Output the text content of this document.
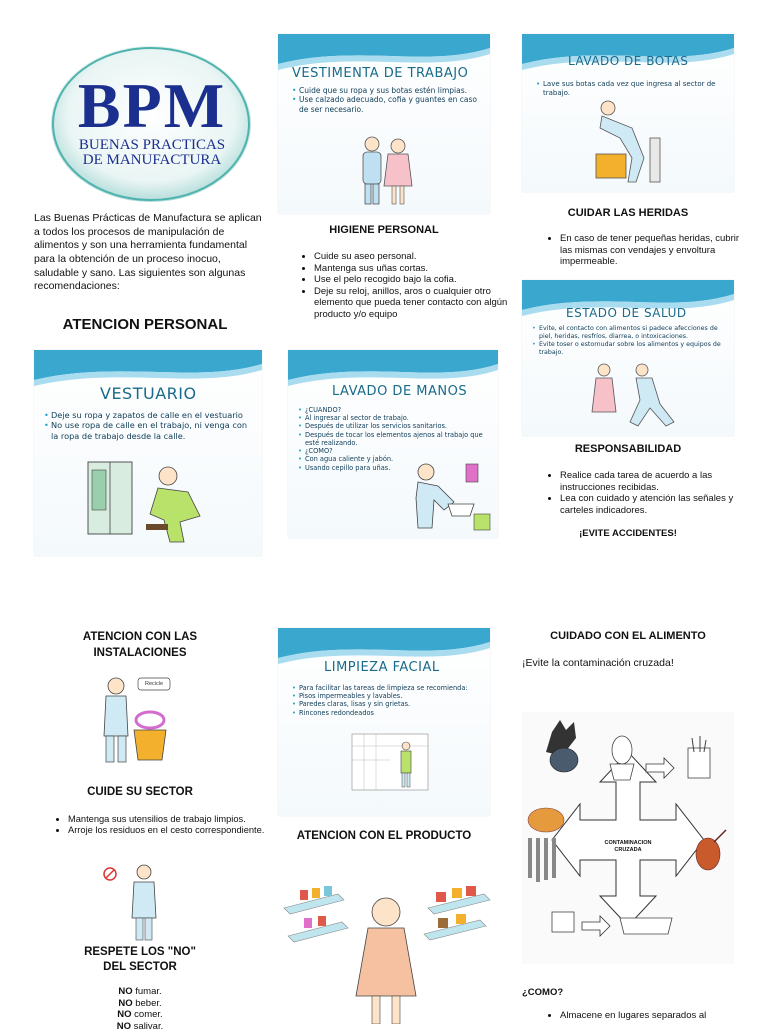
BPM
BUENAS PRACTICAS
DE MANUFACTURA
Las Buenas Prácticas de Manufactura se aplican a todos los procesos de manipulación de alimentos y son una herramienta fundamental para la obtención de un proceso inocuo, saludable y sano. Las siguientes son algunas recomendaciones:
ATENCION PERSONAL
VESTIMENTA DE TRABAJO
• Cuide que su ropa y sus botas estén limpias.
• Use calzado adecuado, cofia y guantes en caso de ser necesario.
HIGIENE PERSONAL
• Cuide su aseo personal.
• Mantenga sus uñas cortas.
• Use el pelo recogido bajo la cofia.
• Deje su reloj, anillos, aros o cualquier otro elemento que pueda tener contacto con algún producto y/o equipo
LAVADO DE BOTAS
• Lave sus botas cada vez que ingresa al sector de trabajo.
CUIDAR LAS HERIDAS
• En caso de tener pequeñas heridas, cubrir las mismas con vendajes y envoltura impermeable.
ESTADO DE SALUD
• Evite, el contacto con alimentos si padece afecciones de piel, heridas, resfríos, diarrea, o intoxicaciones.
• Evite toser o estornudar sobre los alimentos y equipos de trabajo.
RESPONSABILIDAD
• Realice cada tarea de acuerdo a las instrucciones recibidas.
• Lea con cuidado y atención las señales y carteles indicadores.
¡EVITE ACCIDENTES!
VESTUARIO
• Deje su ropa y zapatos de calle en el vestuario
• No use ropa de calle en el trabajo, ni venga con la ropa de trabajo desde la calle.
LAVADO DE MANOS
• ¿CUANDO?
• Al ingresar al sector de trabajo.
• Después de utilizar los servicios sanitarios.
• Después de tocar los elementos ajenos al trabajo que esté realizando.
• ¿COMO?
• Con agua caliente y jabón.
• Usando cepillo para uñas.
ATENCION CON LAS
INSTALACIONES
Recicle
CUIDE SU SECTOR
• Mantenga sus utensilios de trabajo limpios.
• Arroje los residuos en el cesto correspondiente.
RESPETE LOS "NO"
DEL SECTOR
NO fumar.
NO beber.
NO comer.
NO salivar.
LIMPIEZA FACIAL
• Para facilitar las tareas de limpieza se recomienda:
• Pisos impermeables y lavables.
• Paredes claras, lisas y sin grietas.
• Rincones redondeados
ATENCION CON EL PRODUCTO
CUIDADO CON EL ALIMENTO
¡Evite la contaminación cruzada!
CONTAMINACION
CRUZADA
¿COMO?
• Almacene en lugares separados al
